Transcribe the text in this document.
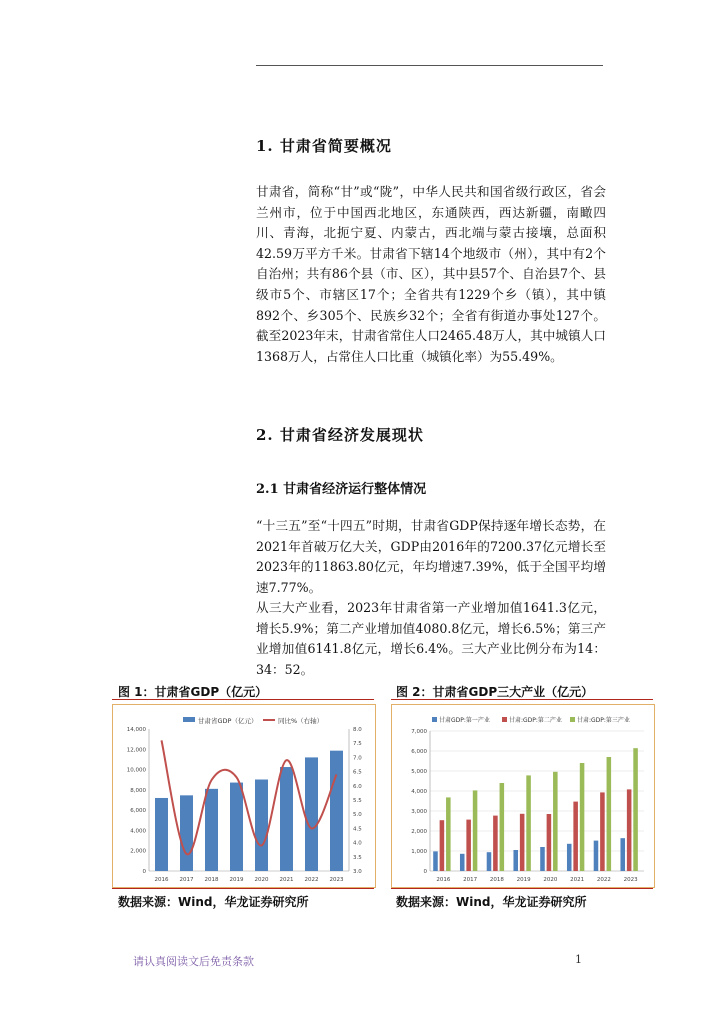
1. 甘肃省简要概况

甘肃省，简称“甘”或“陇”，中华人民共和国省级行政区，省会兰州市，位于中国西北地区，东通陕西，西达新疆，南瞰四川、青海，北扼宁夏、内蒙古，西北端与蒙古接壤，总面积42.59万平方千米。甘肃省下辖14个地级市（州），其中有2个自治州；共有86个县（市、区），其中县57个、自治县7个、县级市5个、市辖区17个；全省共有1229个乡（镇），其中镇892个、乡305个、民族乡32个；全省有街道办事处127个。截至2023年末，甘肃省常住人口2465.48万人，其中城镇人口1368万人，占常住人口比重（城镇化率）为55.49%。

2. 甘肃省经济发展现状
2.1 甘肃省经济运行整体情况

“十三五”至“十四五”时期，甘肃省GDP保持逐年增长态势，在2021年首破万亿大关，GDP由2016年的7200.37亿元增长至2023年的11863.80亿元，年均增速7.39%，低于全国平均增速7.77%。

从三大产业看，2023年甘肃省第一产业增加值1641.3亿元，增长5.9%；第二产业增加值4080.8亿元，增长6.5%；第三产业增加值6141.8亿元，增长6.4%。三大产业比例分布为14：34：52。

图 1：甘肃省GDP（亿元）	图 2：甘肃省GDP三大产业（亿元）
甘肃省GDP（亿元）	同比%（右轴）
0
2,000
4,000
6,000
8,000
10,000
12,000
14,000
3.0
3.5
4.0
4.5
5.0
5.5
6.0
6.5
7.0
7.5
8.0
2016 2017 2018 2019 2020 2021 2022 2023
甘肃GDP:第一产业	甘肃:GDP:第二产业	甘肃:GDP:第三产业
0
1,000
2,000
3,000
4,000
5,000
6,000
7,000
2016 2017 2018 2019 2020 2021 2022 2023
数据来源：Wind，华龙证券研究所	数据来源：Wind，华龙证券研究所
请认真阅读文后免责条款	1
